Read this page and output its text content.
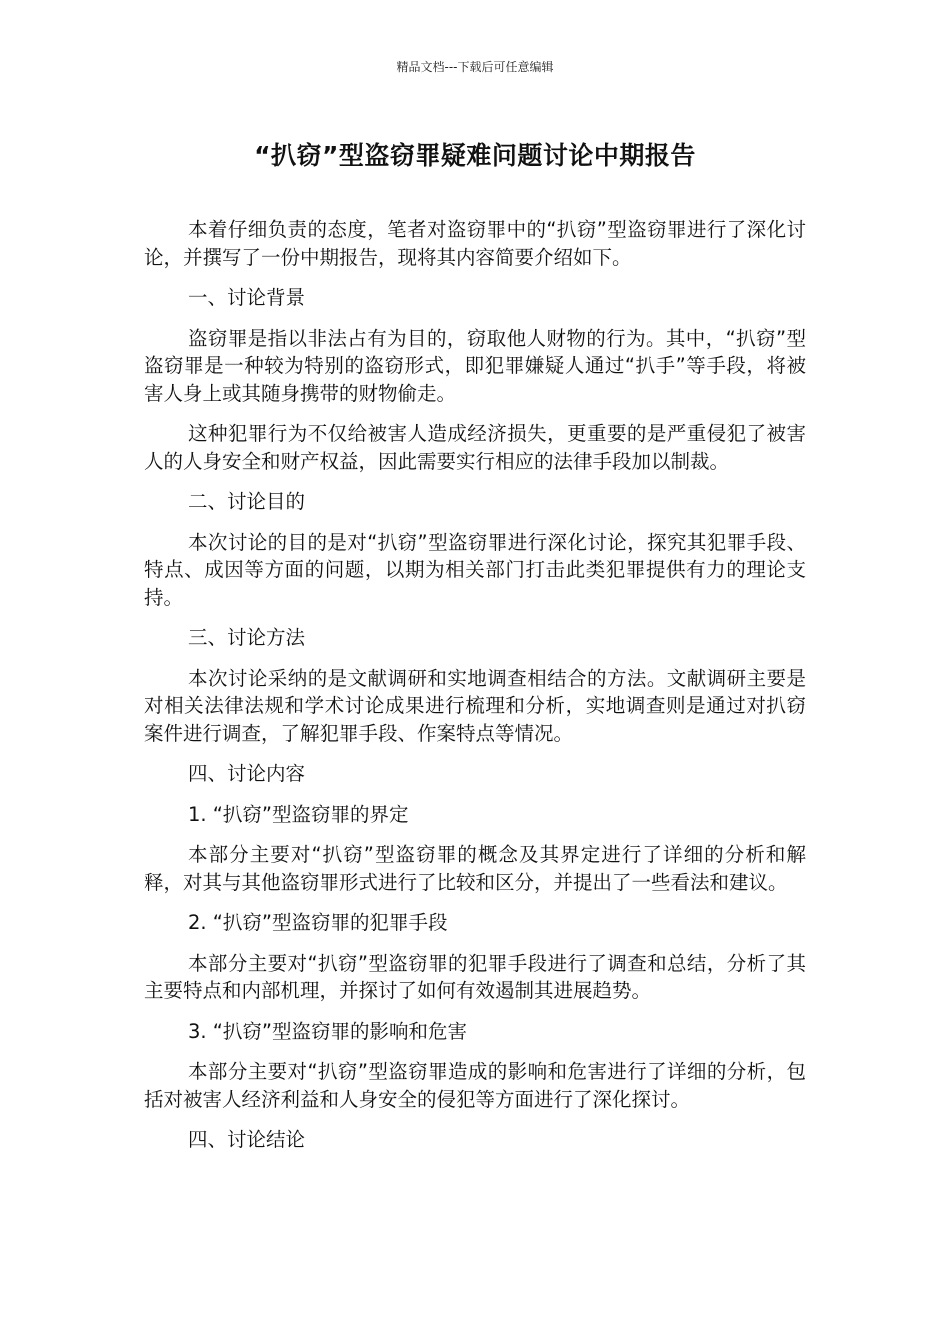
精品文档---下载后可任意编辑
“扒窃”型盗窃罪疑难问题讨论中期报告

本着仔细负责的态度，笔者对盗窃罪中的“扒窃”型盗窃罪进行了深化讨论，并撰写了一份中期报告，现将其内容简要介绍如下。

一、讨论背景

盗窃罪是指以非法占有为目的，窃取他人财物的行为。其中，“扒窃”型盗窃罪是一种较为特别的盗窃形式，即犯罪嫌疑人通过“扒手”等手段，将被害人身上或其随身携带的财物偷走。

这种犯罪行为不仅给被害人造成经济损失，更重要的是严重侵犯了被害人的人身安全和财产权益，因此需要实行相应的法律手段加以制裁。

二、讨论目的

本次讨论的目的是对“扒窃”型盗窃罪进行深化讨论，探究其犯罪手段、特点、成因等方面的问题，以期为相关部门打击此类犯罪提供有力的理论支持。

三、讨论方法

本次讨论采纳的是文献调研和实地调查相结合的方法。文献调研主要是对相关法律法规和学术讨论成果进行梳理和分析，实地调查则是通过对扒窃案件进行调查，了解犯罪手段、作案特点等情况。

四、讨论内容

1. “扒窃”型盗窃罪的界定

本部分主要对“扒窃”型盗窃罪的概念及其界定进行了详细的分析和解释，对其与其他盗窃罪形式进行了比较和区分，并提出了一些看法和建议。

2. “扒窃”型盗窃罪的犯罪手段

本部分主要对“扒窃”型盗窃罪的犯罪手段进行了调查和总结，分析了其主要特点和内部机理，并探讨了如何有效遏制其进展趋势。

3. “扒窃”型盗窃罪的影响和危害

本部分主要对“扒窃”型盗窃罪造成的影响和危害进行了详细的分析，包括对被害人经济利益和人身安全的侵犯等方面进行了深化探讨。

四、讨论结论
